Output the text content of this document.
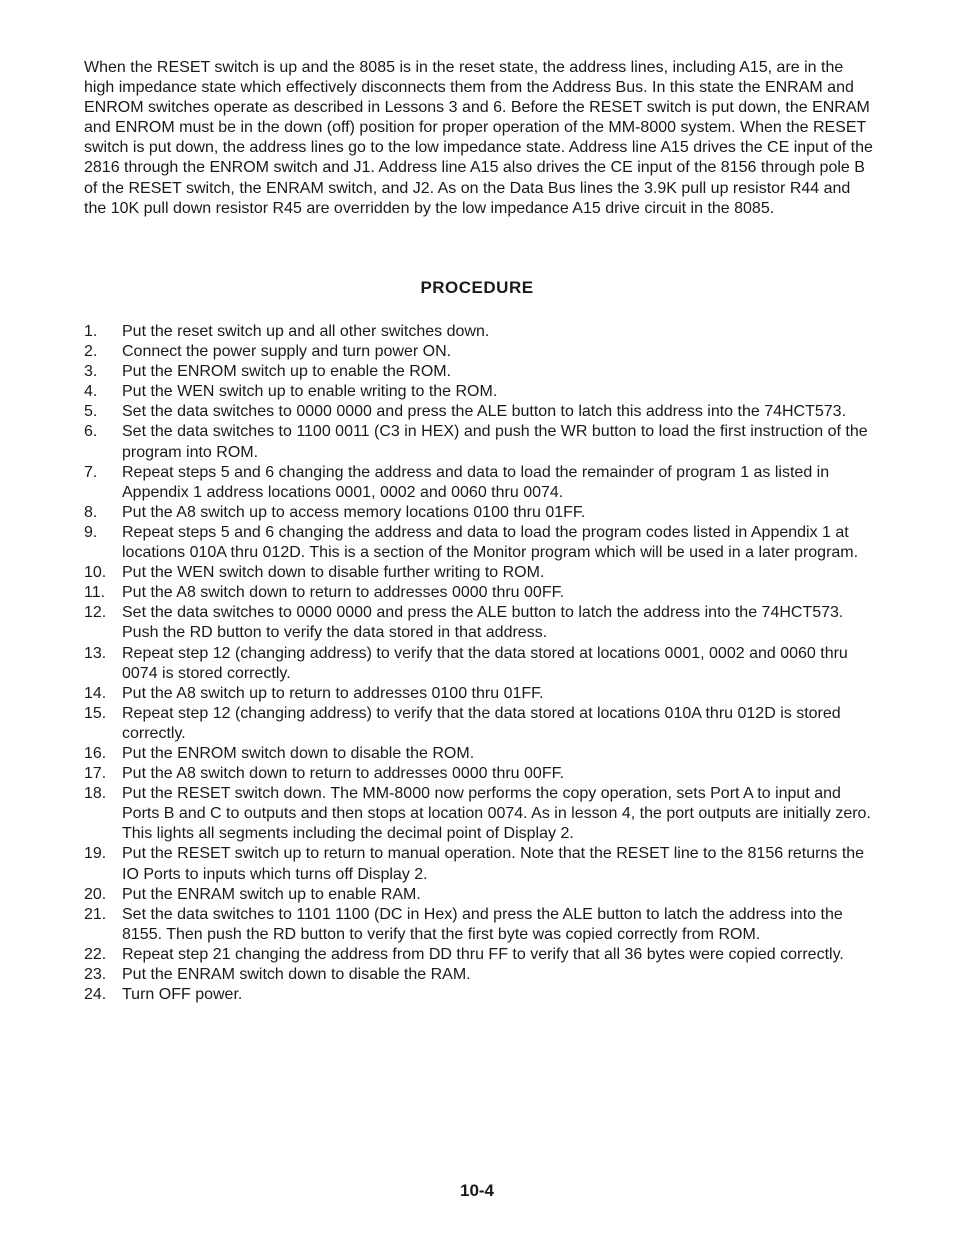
When the RESET switch is up and the 8085 is in the reset state, the address lines, including A15, are in the high impedance state which effectively disconnects them from the Address Bus. In this state the ENRAM and ENROM switches operate as described in Lessons 3 and 6. Before the RESET switch is put down, the ENRAM and ENROM must be in the down (off) position for proper operation of the MM-8000 system. When the RESET switch is put down, the address lines go to the low impedance state. Address line A15 drives the CE input of the 2816 through the ENROM switch and J1. Address line A15 also drives the CE input of the 8156 through pole B of the RESET switch, the ENRAM switch, and J2. As on the Data Bus lines the 3.9K pull up resistor R44 and the 10K pull down resistor R45 are overridden by the low impedance A15 drive circuit in the 8085.

PROCEDURE
1.	Put the reset switch up and all other switches down.
2.	Connect the power supply and turn power ON.
3.	Put the ENROM switch up to enable the ROM.
4.	Put the WEN switch up to enable writing to the ROM.
5.	Set the data switches to 0000 0000 and press the ALE button to latch this address into the 74HCT573.
6.	Set the data switches to 1100 0011 (C3 in HEX) and push the WR button to load the first instruction of the program into ROM.
7.	Repeat steps 5 and 6 changing the address and data to load the remainder of program 1 as listed in Appendix 1 address locations 0001, 0002 and 0060 thru 0074.
8.	Put the A8 switch up to access memory locations 0100 thru 01FF.
9.	Repeat steps 5 and 6 changing the address and data to load the program codes listed in Appendix 1 at locations 010A thru 012D. This is a section of the Monitor program which will be used in a later program.
10. Put the WEN switch down to disable further writing to ROM.
11.	Put the A8 switch down to return to addresses 0000 thru 00FF.
12. Set the data switches to 0000 0000 and press the ALE button to latch the address into the 74HCT573. Push the RD button to verify the data stored in that address.
13. Repeat step 12 (changing address) to verify that the data stored at locations 0001, 0002 and 0060 thru 0074 is stored correctly.
14. Put the A8 switch up to return to addresses 0100 thru 01FF.
15. Repeat step 12 (changing address) to verify that the data stored at locations 010A thru 012D is stored correctly.
16. Put the ENROM switch down to disable the ROM.
17. Put the A8 switch down to return to addresses 0000 thru 00FF.
18. Put the RESET switch down. The MM-8000 now performs the copy operation, sets Port A to input and Ports B and C to outputs and then stops at location 0074. As in lesson 4, the port outputs are initially zero. This lights all segments including the decimal point of Display 2.
19. Put the RESET switch up to return to manual operation. Note that the RESET line to the 8156 returns the IO Ports to inputs which turns off Display 2.
20. Put the ENRAM switch up to enable RAM.
21. Set the data switches to 1101 1100 (DC in Hex) and press the ALE button to latch the address into the 8155. Then push the RD button to verify that the first byte was copied correctly from ROM.
22. Repeat step 21 changing the address from DD thru FF to verify that all 36 bytes were copied correctly.
23. Put the ENRAM switch down to disable the RAM.
24. Turn OFF power.
10-4
